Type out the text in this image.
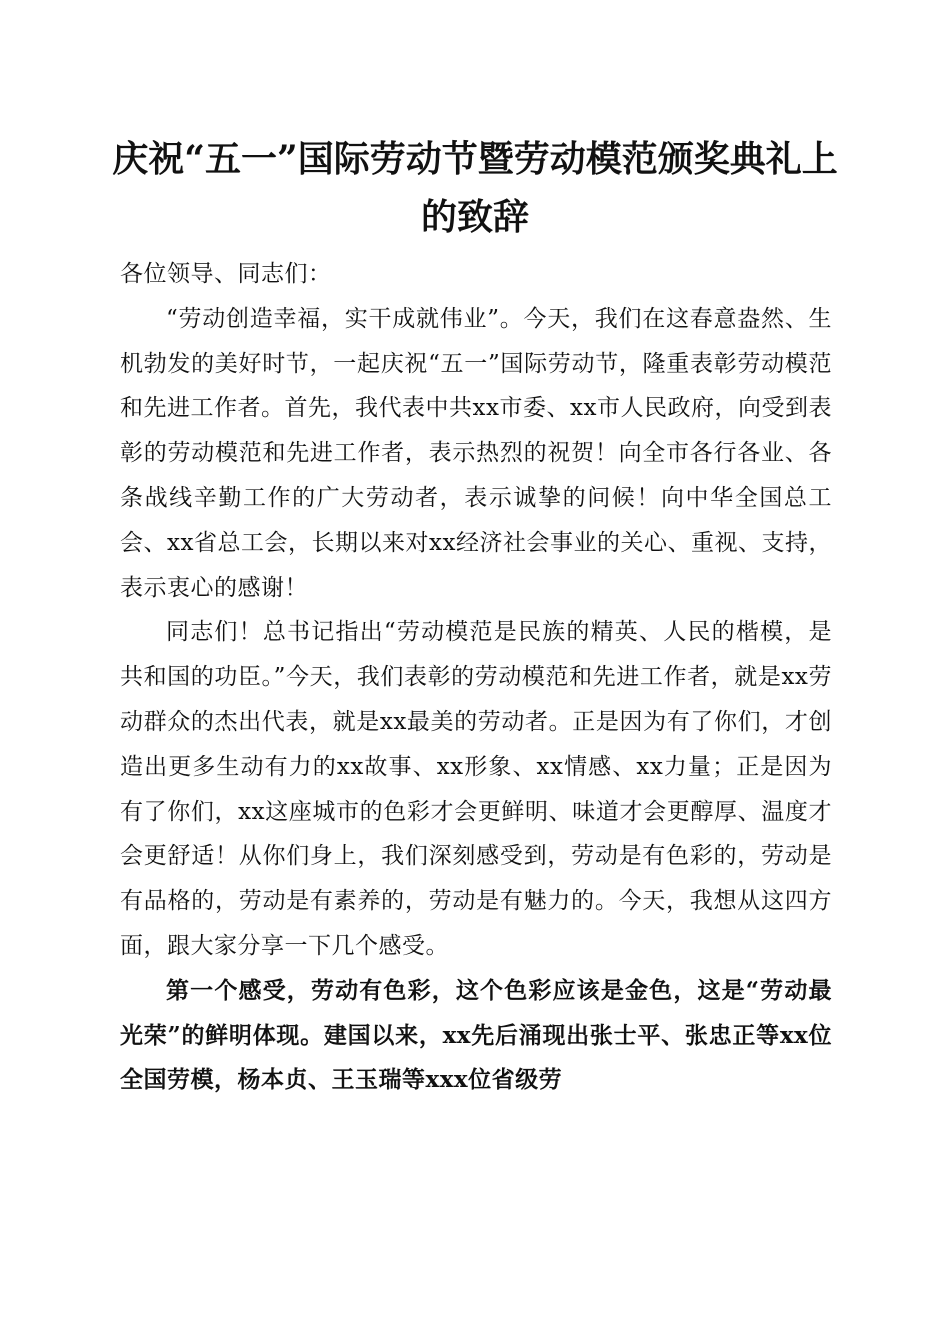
庆祝“五一”国际劳动节暨劳动模范颁奖典礼上的致辞

各位领导、同志们：

“劳动创造幸福，实干成就伟业”。今天，我们在这春意盎然、生机勃发的美好时节，一起庆祝“五一”国际劳动节，隆重表彰劳动模范和先进工作者。首先，我代表中共xx市委、xx市人民政府，向受到表彰的劳动模范和先进工作者，表示热烈的祝贺！向全市各行各业、各条战线辛勤工作的广大劳动者，表示诚挚的问候！向中华全国总工会、xx省总工会，长期以来对xx经济社会事业的关心、重视、支持，表示衷心的感谢！

同志们！总书记指出“劳动模范是民族的精英、人民的楷模，是共和国的功臣。”今天，我们表彰的劳动模范和先进工作者，就是xx劳动群众的杰出代表，就是xx最美的劳动者。正是因为有了你们，才创造出更多生动有力的xx故事、xx形象、xx情感、xx力量；正是因为有了你们，xx这座城市的色彩才会更鲜明、味道才会更醇厚、温度才会更舒适！从你们身上，我们深刻感受到，劳动是有色彩的，劳动是有品格的，劳动是有素养的，劳动是有魅力的。今天，我想从这四方面，跟大家分享一下几个感受。

第一个感受，劳动有色彩，这个色彩应该是金色，这是“劳动最光荣”的鲜明体现。建国以来，xx先后涌现出张士平、张忠正等xx位全国劳模，杨本贞、王玉瑞等xxx位省级劳
